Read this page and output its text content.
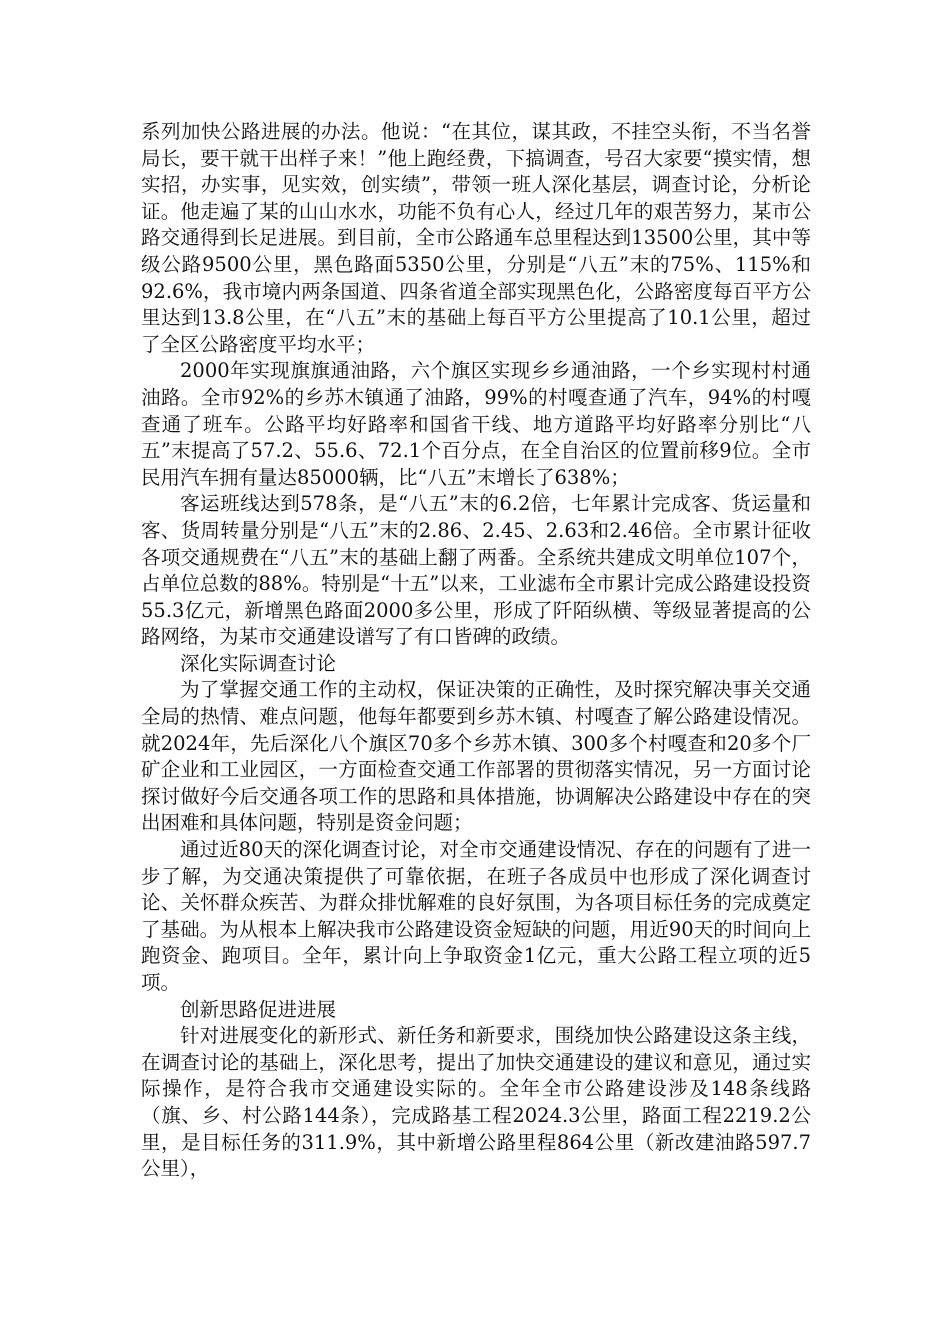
系列加快公路进展的办法。他说：“在其位，谋其政，不挂空头衔，不当名誉局长，要干就干出样子来！”他上跑经费，下搞调查，号召大家要“摸实情，想实招，办实事，见实效，创实绩”，带领一班人深化基层，调查讨论，分析论证。他走遍了某的山山水水，功能不负有心人，经过几年的艰苦努力，某市公路交通得到长足进展。到目前，全市公路通车总里程达到13500公里，其中等级公路9500公里，黑色路面5350公里，分别是“八五”末的75%、115%和92.6%，我市境内两条国道、四条省道全部实现黑色化，公路密度每百平方公里达到13.8公里，在“八五”末的基础上每百平方公里提高了10.1公里，超过了全区公路密度平均水平；

2000年实现旗旗通油路，六个旗区实现乡乡通油路，一个乡实现村村通油路。全市92%的乡苏木镇通了油路，99%的村嘎查通了汽车，94%的村嘎查通了班车。公路平均好路率和国省干线、地方道路平均好路率分别比“八五”末提高了57.2、55.6、72.1个百分点，在全自治区的位置前移9位。全市民用汽车拥有量达85000辆，比“八五”末增长了638%；

客运班线达到578条，是“八五”末的6.2倍，七年累计完成客、货运量和客、货周转量分别是“八五”末的2.86、2.45、2.63和2.46倍。全市累计征收各项交通规费在“八五”末的基础上翻了两番。全系统共建成文明单位107个，占单位总数的88%。特别是“十五”以来，工业滤布全市累计完成公路建设投资55.3亿元，新增黑色路面2000多公里，形成了阡陌纵横、等级显著提高的公路网络，为某市交通建设谱写了有口皆碑的政绩。

深化实际调查讨论

为了掌握交通工作的主动权，保证决策的正确性，及时探究解决事关交通全局的热情、难点问题，他每年都要到乡苏木镇、村嘎查了解公路建设情况。就2024年，先后深化八个旗区70多个乡苏木镇、300多个村嘎查和20多个厂矿企业和工业园区，一方面检查交通工作部署的贯彻落实情况，另一方面讨论探讨做好今后交通各项工作的思路和具体措施，协调解决公路建设中存在的突出困难和具体问题，特别是资金问题；

通过近80天的深化调查讨论，对全市交通建设情况、存在的问题有了进一步了解，为交通决策提供了可靠依据，在班子各成员中也形成了深化调查讨论、关怀群众疾苦、为群众排忧解难的良好氛围，为各项目标任务的完成奠定了基础。为从根本上解决我市公路建设资金短缺的问题，用近90天的时间向上跑资金、跑项目。全年，累计向上争取资金1亿元，重大公路工程立项的近5项。

创新思路促进进展

针对进展变化的新形式、新任务和新要求，围绕加快公路建设这条主线，在调查讨论的基础上，深化思考，提出了加快交通建设的建议和意见，通过实际操作，是符合我市交通建设实际的。全年全市公路建设涉及148条线路（旗、乡、村公路144条），完成路基工程2024.3公里，路面工程2219.2公里，是目标任务的311.9%，其中新增公路里程864公里（新改建油路597.7公里），
